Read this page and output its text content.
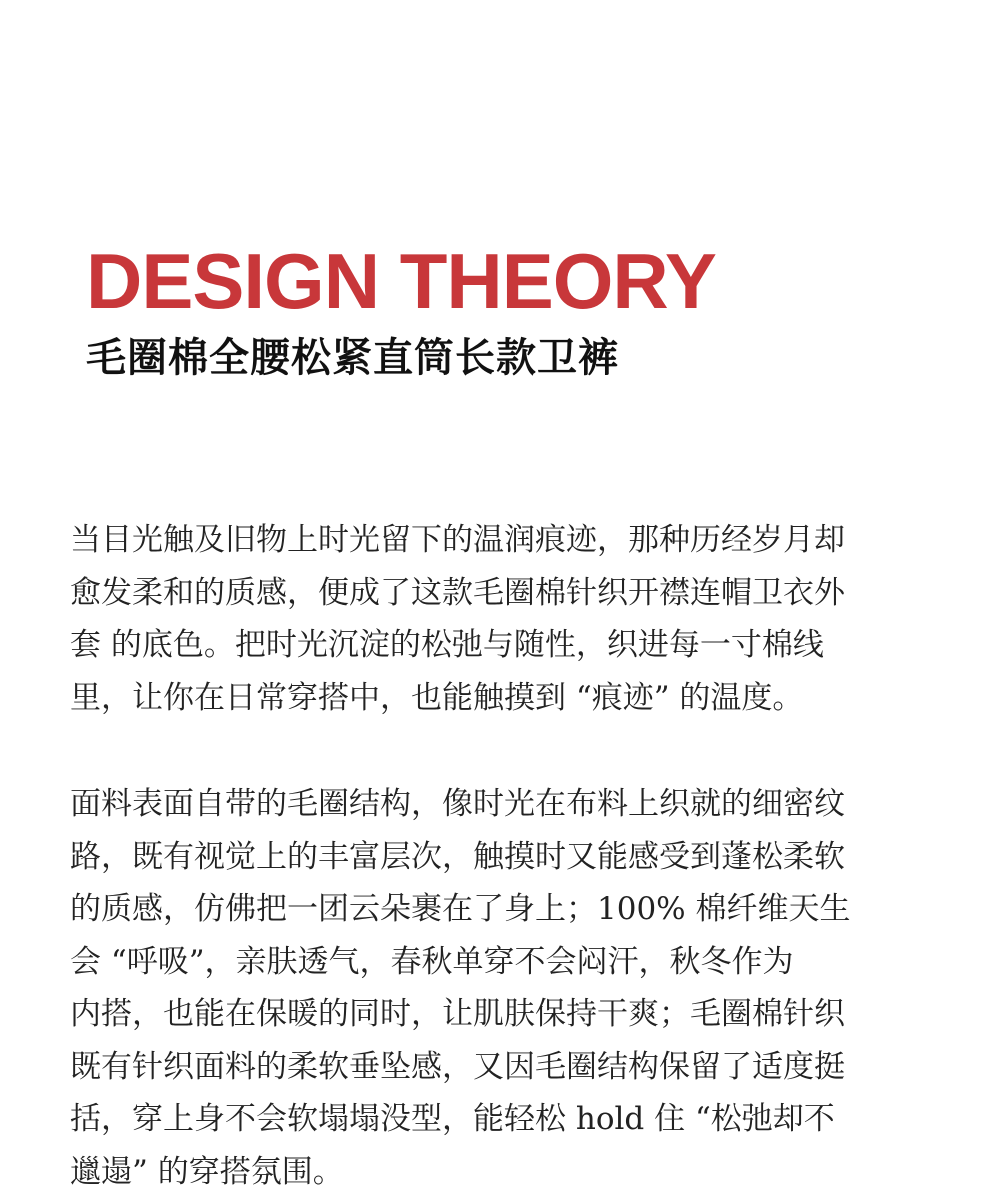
DESIGN THEORY
毛圈棉全腰松紧直筒长款卫裤

当目光触及旧物上时光留下的温润痕迹，那种历经岁月却
愈发柔和的质感，便成了这款毛圈棉针织开襟连帽卫衣外
套 的底色。把时光沉淀的松弛与随性，织进每一寸棉线
里，让你在日常穿搭中，也能触摸到 “痕迹” 的温度。

面料表面自带的毛圈结构，像时光在布料上织就的细密纹
路，既有视觉上的丰富层次，触摸时又能感受到蓬松柔软
的质感，仿佛把一团云朵裹在了身上；100% 棉纤维天生
会 “呼吸”，亲肤透气，春秋单穿不会闷汗，秋冬作为
内搭，也能在保暖的同时，让肌肤保持干爽；毛圈棉针织
既有针织面料的柔软垂坠感，又因毛圈结构保留了适度挺
括，穿上身不会软塌塌没型，能轻松 hold 住 “松弛却不
邋遢” 的穿搭氛围。
